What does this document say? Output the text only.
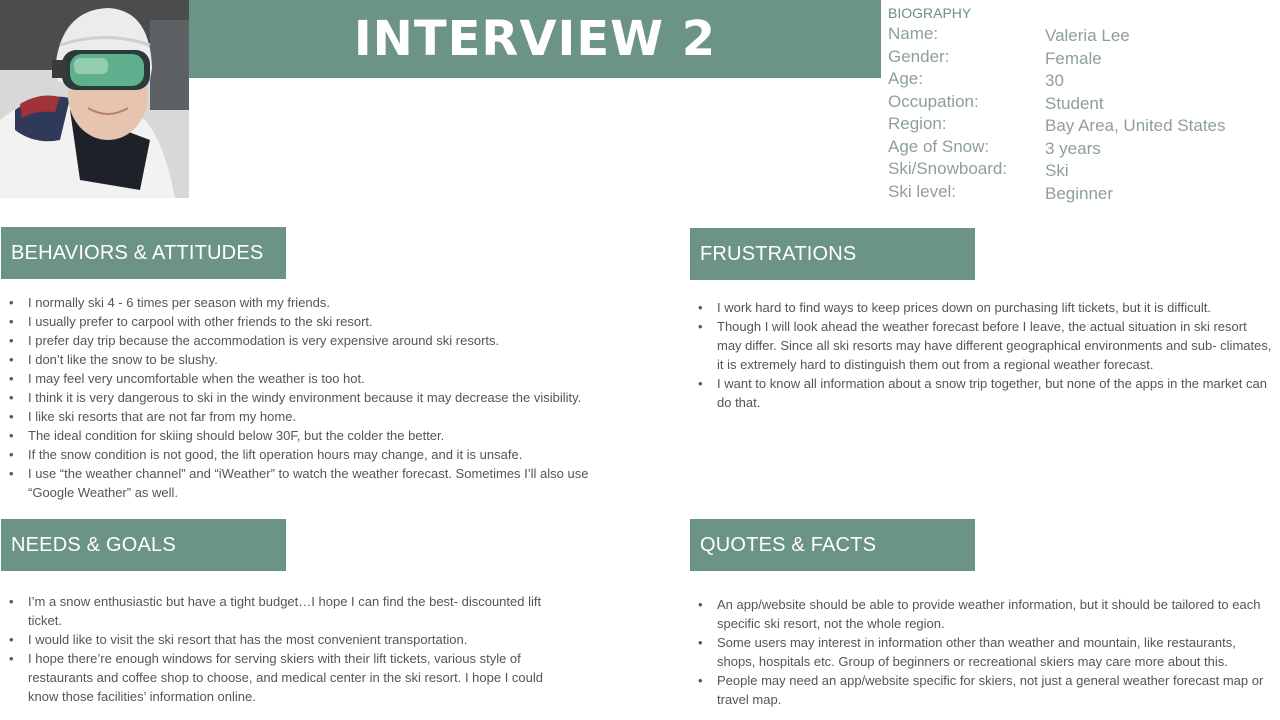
INTERVIEW 2	BIOGRAPHY
Name:	Valeria Lee
Gender:	Female
Age:	30
Occupation:	Student
Region:	Bay Area, United States
Age of Snow:	3 years
Ski/Snowboard: Ski
Ski level:	Beginner
BEHAVIORS & ATTITUDES
• I normally ski 4 - 6 times per season with my friends.
• I usually prefer to carpool with other friends to the ski resort.
• I prefer day trip because the accommodation is very expensive around ski resorts.
• I don’t like the snow to be slushy.
• I may feel very uncomfortable when the weather is too hot.
• I think it is very dangerous to ski in the windy environment because it may decrease the visibility.
• I like ski resorts that are not far from my home.
• The ideal condition for skiing should below 30F, but the colder the better.
• If the snow condition is not good, the lift operation hours may change, and it is unsafe.
• I use “the weather channel” and “iWeather” to watch the weather forecast. Sometimes I’ll also use “Google Weather” as well.
FRUSTRATIONS
• I work hard to find ways to keep prices down on purchasing lift tickets, but it is difficult.
• Though I will look ahead the weather forecast before I leave, the actual situation in ski resort may differ. Since all ski resorts may have different geographical environments and sub- climates, it is extremely hard to distinguish them out from a regional weather forecast.
• I want to know all information about a snow trip together, but none of the apps in the market can do that.
NEEDS & GOALS
• I’m a snow enthusiastic but have a tight budget…I hope I can find the best- discounted lift ticket.
• I would like to visit the ski resort that has the most convenient transportation.
• I hope there’re enough windows for serving skiers with their lift tickets, various style of restaurants and coffee shop to choose, and medical center in the ski resort. I hope I could know those facilities’ information online.
QUOTES & FACTS
• An app/website should be able to provide weather information, but it should be tailored to each specific ski resort, not the whole region.
• Some users may interest in information other than weather and mountain, like restaurants, shops, hospitals etc. Group of beginners or recreational skiers may care more about this.
• People may need an app/website specific for skiers, not just a general weather forecast map or travel map.
